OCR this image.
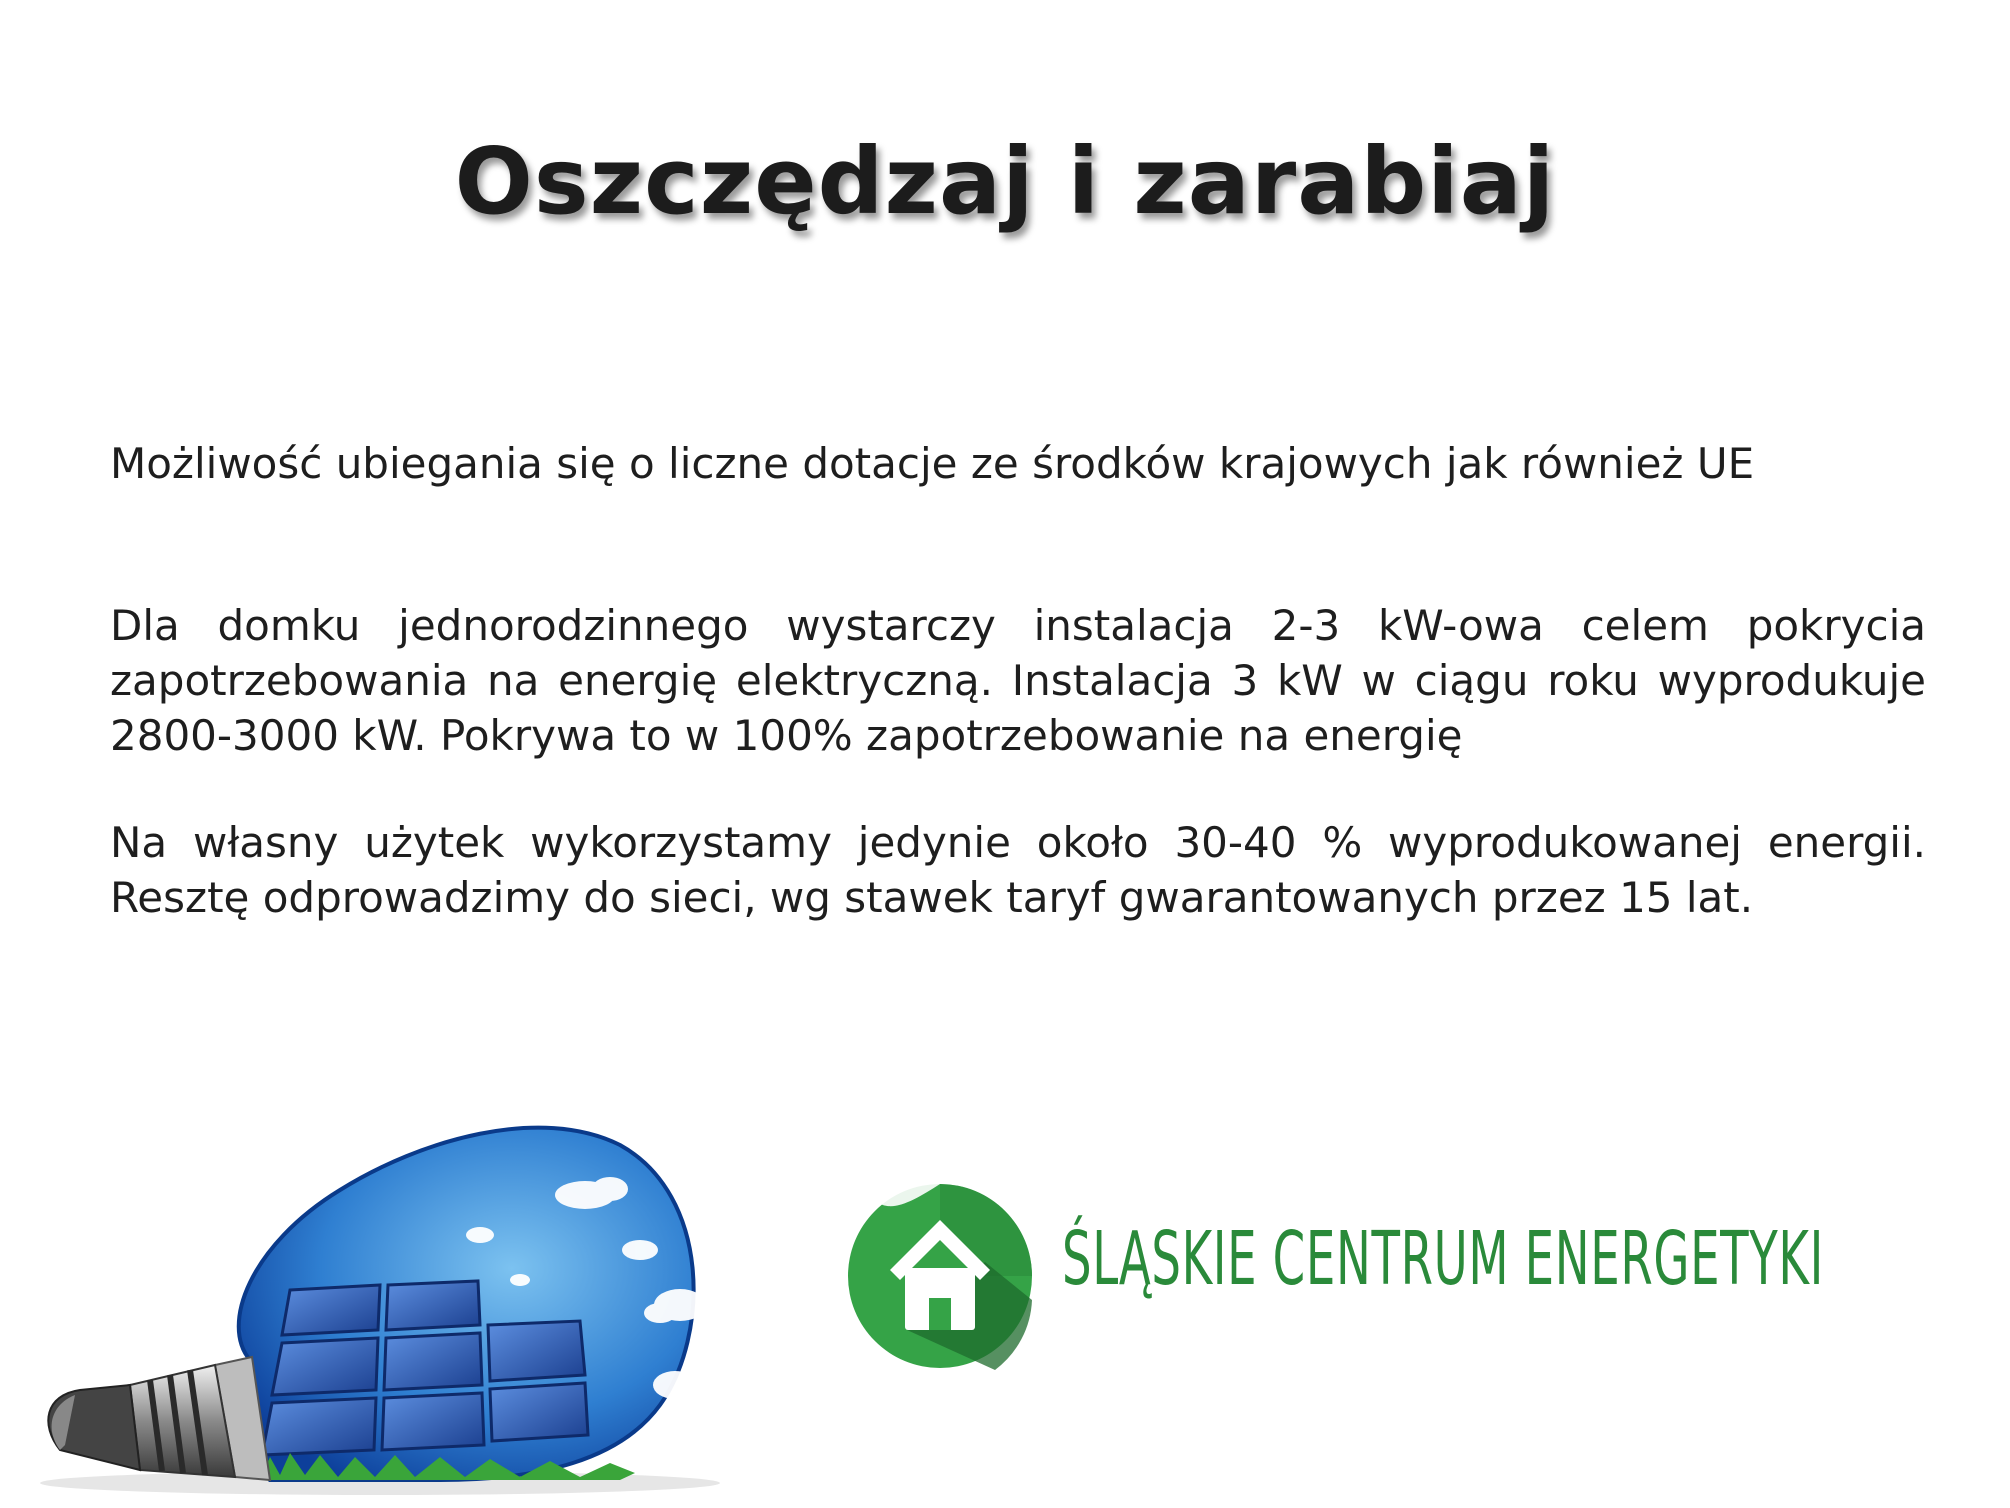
Oszczędzaj i zarabiaj

Możliwość ubiegania się o liczne dotacje ze środków krajowych jak również UE

Dla domku jednorodzinnego wystarczy instalacja 2-3 kW-owa celem pokrycia zapotrzebowania na energię elektryczną. Instalacja 3 kW w ciągu roku wyprodukuje 2800-3000 kW. Pokrywa to w 100% zapotrzebowanie na energię

Na własny użytek wykorzystamy jedynie około 30-40 % wyprodukowanej energii. Resztę odprowadzimy do sieci, wg stawek taryf gwarantowanych przez 15 lat.

ŚLĄSKIE CENTRUM ENERGETYKI
